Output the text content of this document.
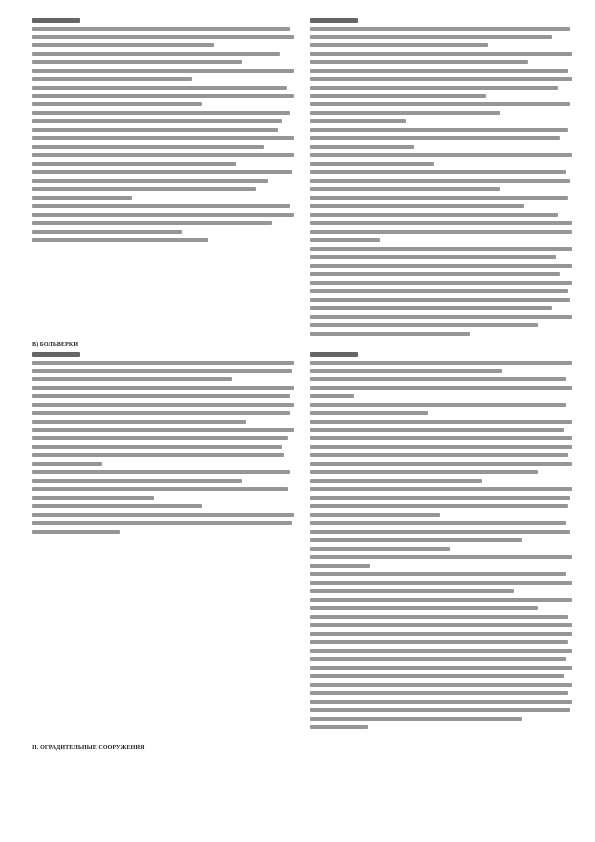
В) БОЛЬВЕРКИ
II. ОГРАДИТЕЛЬНЫЕ СООРУЖЕНИЯ
